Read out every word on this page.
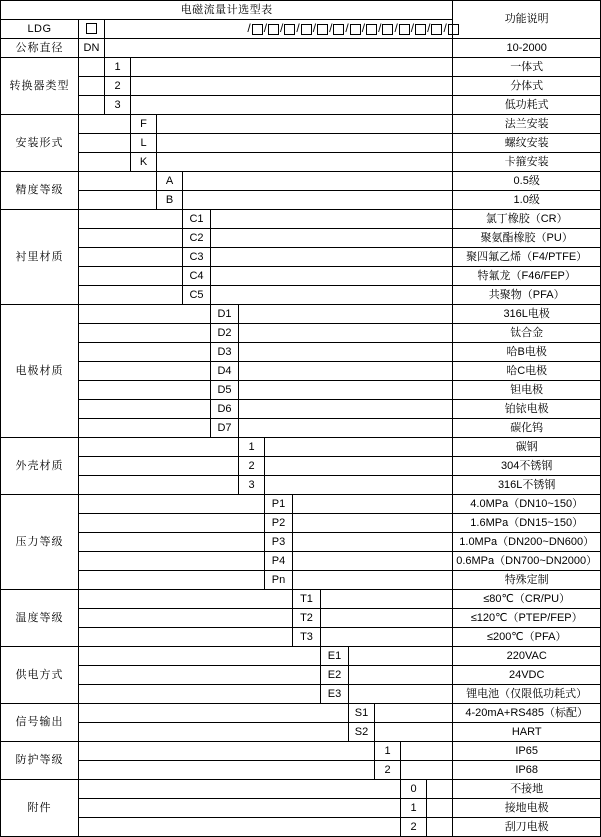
电磁流量计选型表															功能说明
LDG		/ / / / / / / / / / / / /													
公称直径	DN														10-2000
转换器类型		1													一体式
		2													分体式
		3													低功耗式
安装形式			F												法兰安装
			L												螺纹安装
			K												卡箍安装
精度等级				A											0.5级
				B											1.0级
衬里材质					C1										氯丁橡胶（CR）
					C2										聚氨酯橡胶（PU）
					C3										聚四氟乙烯（F4/PTFE）
					C4										特氟龙（F46/FEP）
					C5										共聚物（PFA）
电极材质						D1									316L电极
						D2									钛合金
						D3									哈B电极
						D4									哈C电极
						D5									钽电极
						D6									铂铱电极
						D7									碳化钨
外壳材质							1								碳钢
							2								304不锈钢
							3								316L不锈钢
压力等级								P1							4.0MPa（DN10~150）
								P2							1.6MPa（DN15~150）
								P3							1.0MPa（DN200~DN600）
								P4							0.6MPa（DN700~DN2000）
								Pn							特殊定制
温度等级									T1						≤80℃（CR/PU）
									T2						≤120℃（PTEP/FEP）
									T3						≤200℃（PFA）
供电方式										E1					220VAC
										E2					24VDC
										E3					锂电池（仅限低功耗式）
信号输出											S1				4-20mA+RS485（标配）
											S2				HART
防护等级												1			IP65
												2			IP68
附件													0		不接地
													1		接地电极
													2		刮刀电极
